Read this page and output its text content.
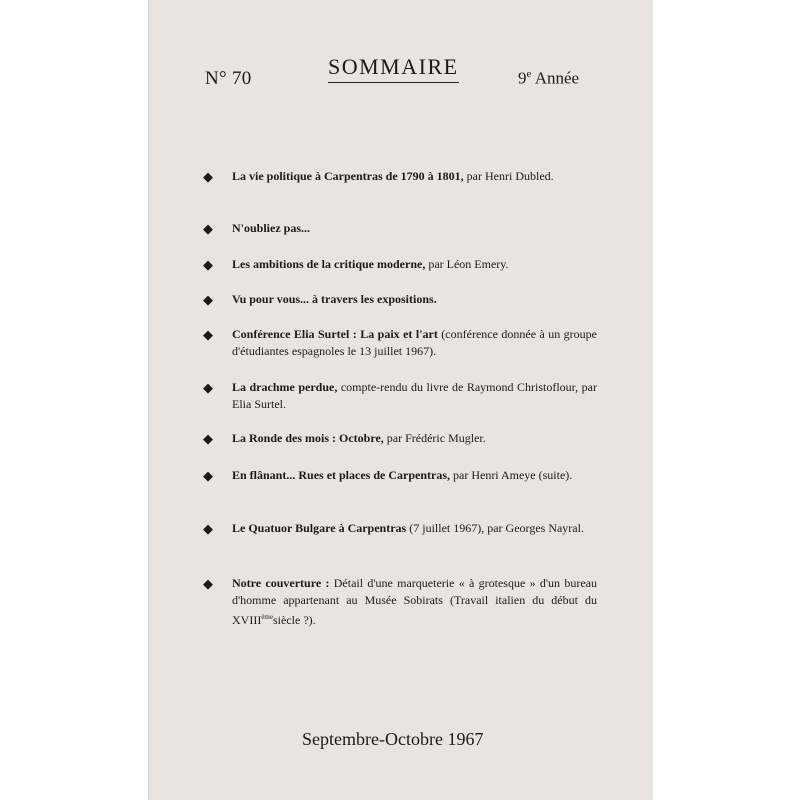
N° 70	SOMMAIRE	9e Année
◆ La vie politique à Carpentras de 1790 à 1801, par Henri Dubled.
◆ N'oubliez pas...
◆ Les ambitions de la critique moderne, par Léon Emery.
◆ Vu pour vous... à travers les expositions.
◆ Conférence Elia Surtel : La paix et l'art (conférence donnée à un groupe d'étudiantes espagnoles le 13 juillet 1967).
◆ La drachme perdue, compte-rendu du livre de Raymond Christoflour, par Elia Surtel.
◆ La Ronde des mois : Octobre, par Frédéric Mugler.
◆ En flânant... Rues et places de Carpentras, par Henri Ameye (suite).
◆ Le Quatuor Bulgare à Carpentras (7 juillet 1967), par Georges Nayral.
◆ Notre couverture : Détail d'une marqueterie « à grotesque » d'un bureau d'homme appartenant au Musée Sobirats (Travail italien du début du XVIIIèmesiècle ?).
Septembre-Octobre 1967
